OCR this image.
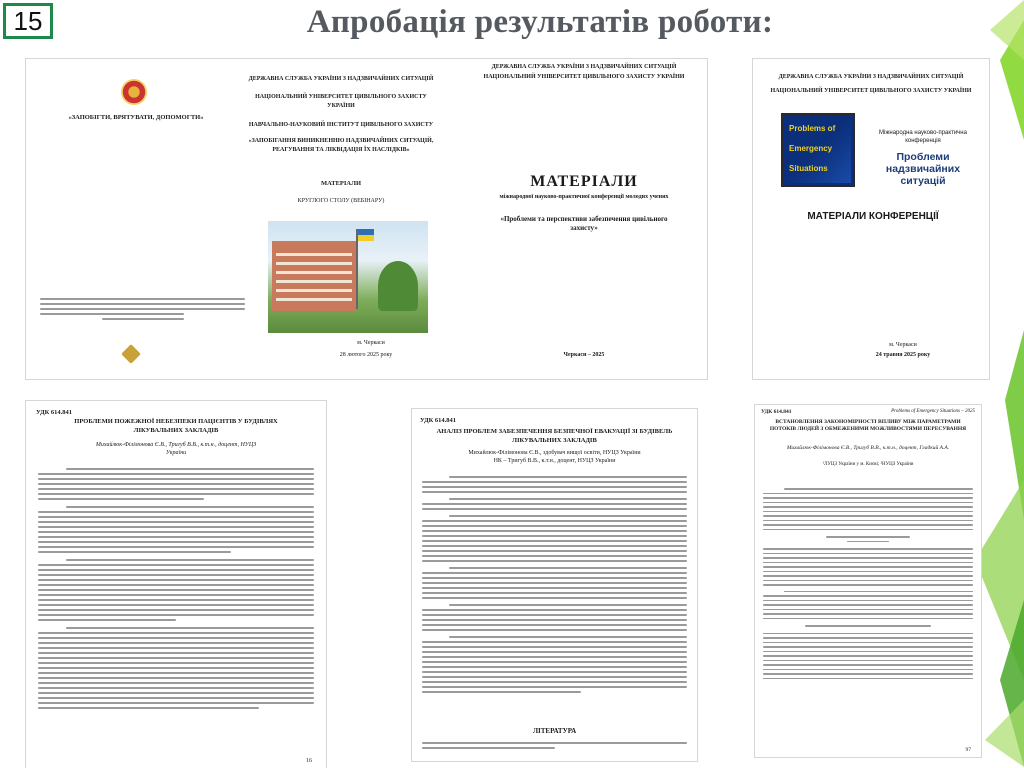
15	Апробація результатів роботи:
ДЕРЖАВНА СЛУЖБА УКРАЇНИ З НАДЗВИЧАЙНИХ СИТУАЦІЙ
НАЦІОНАЛЬНИЙ УНІВЕРСИТЕТ ЦИВІЛЬНОГО ЗАХИСТУ УКРАЇНИ
«ЗАПОБІГТИ, ВРЯТУВАТИ, ДОПОМОГТИ»
НАВЧАЛЬНО-НАУКОВИЙ ІНСТИТУТ ЦИВІЛЬНОГО ЗАХИСТУ
«ЗАПОБІГАННЯ ВИНИКНЕННЮ НАДЗВИЧАЙНИХ СИТУАЦІЙ, РЕАГУВАННЯ ТА ЛІКВІДАЦІЯ ЇХ НАСЛІДКІВ»
МАТЕРІАЛИ
КРУГЛОГО СТОЛУ (ВЕБІНАРУ)
м. Черкаси
28 лютого 2025 року
ДЕРЖАВНА СЛУЖБА УКРАЇНИ З НАДЗВИЧАЙНИХ СИТУАЦІЙ
НАЦІОНАЛЬНИЙ УНІВЕРСИТЕТ ЦИВІЛЬНОГО ЗАХИСТУ УКРАЇНИ
МАТЕРІАЛИ
міжнародної науково-практичної конференції молодих учених
«Проблеми та перспективи забезпечення цивільного захисту»
Черкаси – 2025
ДЕРЖАВНА СЛУЖБА УКРАЇНИ З НАДЗВИЧАЙНИХ СИТУАЦІЙ
НАЦІОНАЛЬНИЙ УНІВЕРСИТЕТ ЦИВІЛЬНОГО ЗАХИСТУ УКРАЇНИ
Problems of Emergency Situations
Міжнародна науково-практична конференція
Проблеми надзвичайних ситуацій
МАТЕРІАЛИ КОНФЕРЕНЦІЇ
м. Черкаси
24 травня 2025 року
УДК 614.841
ПРОБЛЕМИ ПОЖЕЖНОЇ НЕБЕЗПЕКИ ПАЦІЄНТІВ У БУДІВЛЯХ ЛІКУВАЛЬНИХ ЗАКЛАДІВ
Михайлюк-Філімонова Є.В., Тригуб В.В., к.т.н., доцент, НУЦЗ України
16
УДК 614.841
АНАЛІЗ ПРОБЛЕМ ЗАБЕЗПЕЧЕННЯ БЕЗПЕЧНОЇ ЕВАКУАЦІЇ ЗІ БУДІВЕЛЬ ЛІКУВАЛЬНИХ ЗАКЛАДІВ
Михайлюк-Філімонова Є.В., здобувач вищої освіти, НУЦЗ України
НК – Тригуб В.В., к.т.н., доцент, НУЦЗ України
ЛІТЕРАТУРА
УДК 614.841	Problems of Emergency Situations – 2025
ВСТАНОВЛЕННЯ ЗАКОНОМІРНОСТІ ВПЛИВУ МІЖ ПАРАМЕТРАМИ ПОТОКІВ ЛЮДЕЙ З ОБМЕЖЕНИМИ МОЖЛИВОСТЯМИ ПЕРЕСУВАННЯ
Михайлюк-Філімонова Є.В., Тригуб В.В., к.т.н., доцент, Гладкий А.А.
¹ЛУЦЗ України у м. Києві; ²НУЦЗ України
97
